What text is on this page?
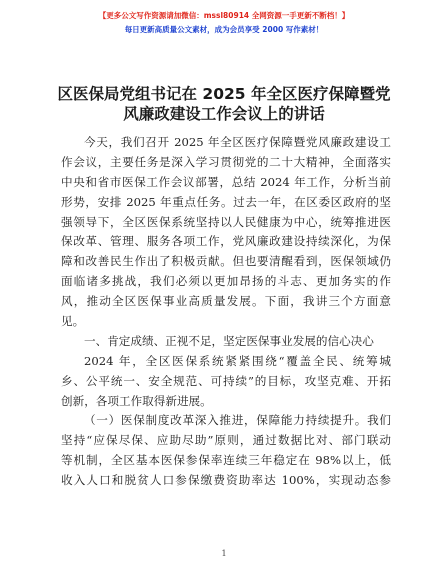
【更多公文写作资源请加微信：mssl80914 全网资源一手更新不断档！】
每日更新高质量公文素材，成为会员享受 2000 写作素材！
区医保局党组书记在 2025 年全区医疗保障暨党
风廉政建设工作会议上的讲话
今天，我们召开 2025 年全区医疗保障暨党风廉政建设工
作会议，主要任务是深入学习贯彻党的二十大精神，全面落实
中央和省市医保工作会议部署，总结 2024 年工作，分析当前
形势，安排 2025 年重点任务。过去一年，在区委区政府的坚
强领导下，全区医保系统坚持以人民健康为中心，统筹推进医
保改革、管理、服务各项工作，党风廉政建设持续深化，为保
障和改善民生作出了积极贡献。但也要清醒看到，医保领域仍
面临诸多挑战，我们必须以更加昂扬的斗志、更加务实的作
风，推动全区医保事业高质量发展。下面，我讲三个方面意
见。
一、肯定成绩、正视不足，坚定医保事业发展的信心决心
2024 年，全区医保系统紧紧围绕“覆盖全民、统筹城
乡、公平统一、安全规范、可持续”的目标，攻坚克难、开拓
创新，各项工作取得新进展。
（一）医保制度改革深入推进，保障能力持续提升。我们
坚持“应保尽保、应助尽助”原则，通过数据比对、部门联动
等机制，全区基本医保参保率连续三年稳定在 98%以上，低
收入人口和脱贫人口参保缴费资助率达 100%，实现动态参
1
